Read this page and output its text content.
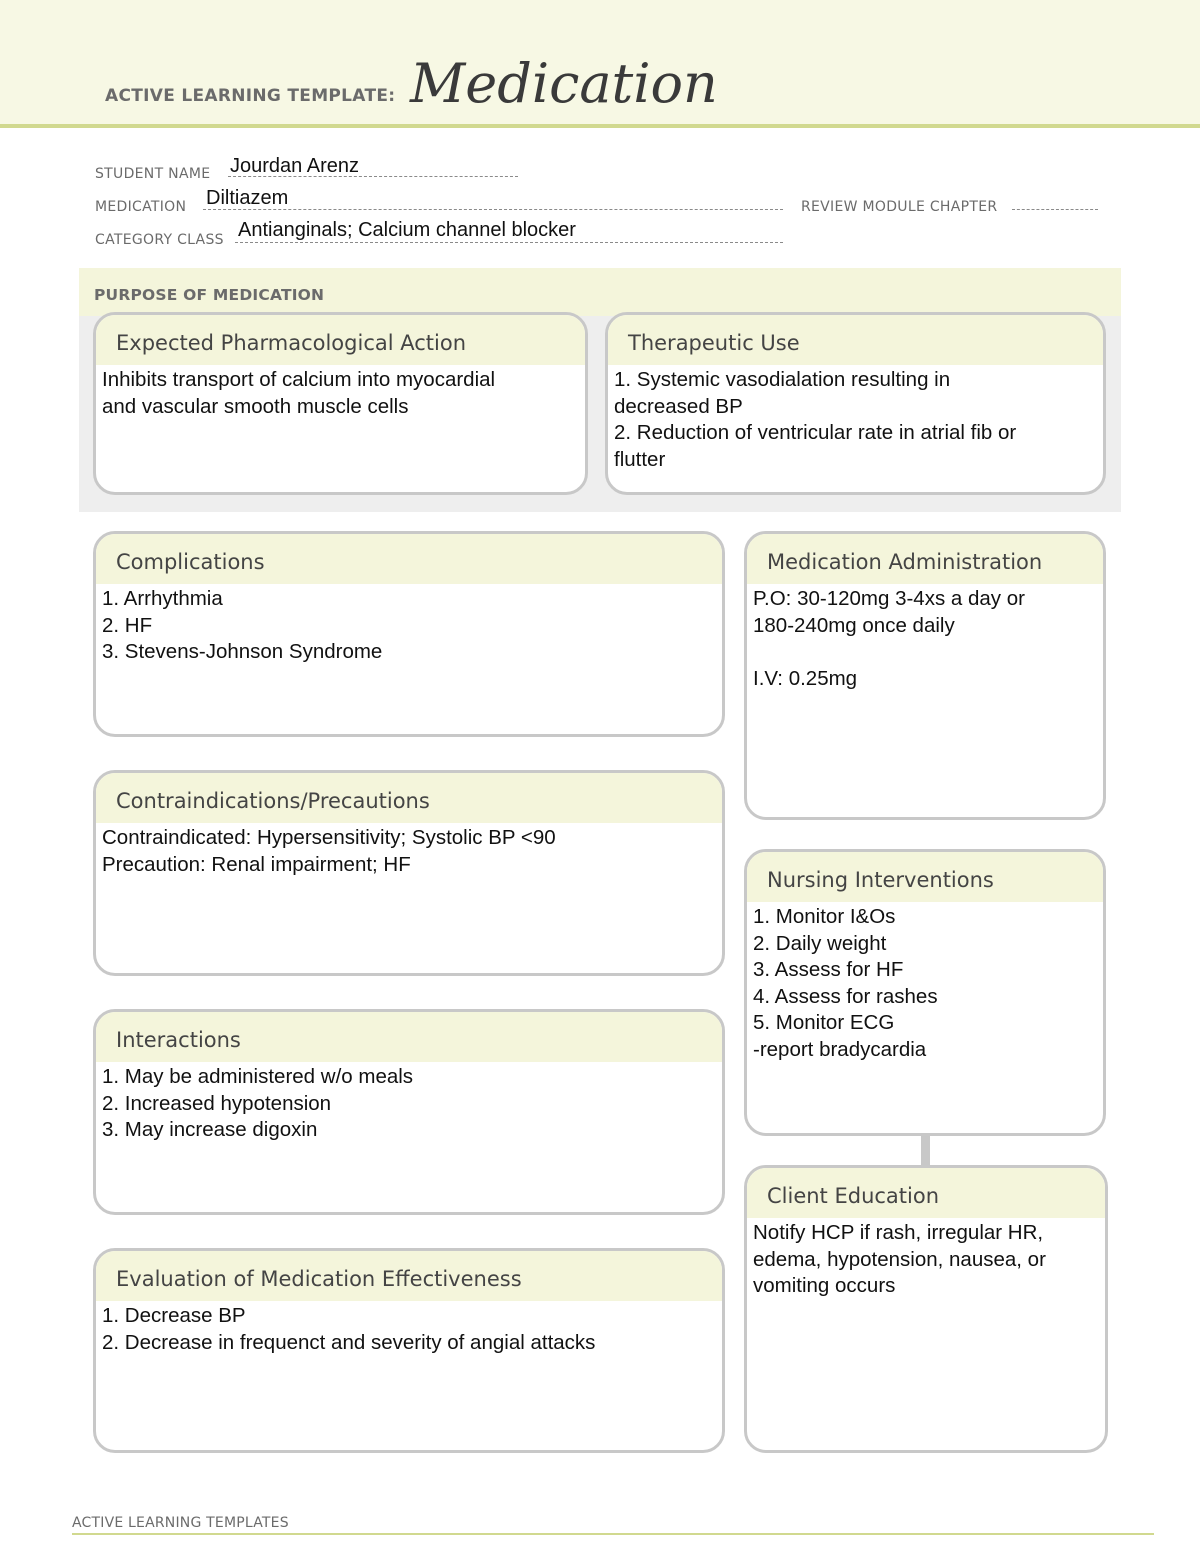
ACTIVE LEARNING TEMPLATE: Medication
STUDENT NAME Jourdan Arenz
MEDICATION Diltiazem	REVIEW MODULE CHAPTER
CATEGORY CLASS Antianginals; Calcium channel blocker
PURPOSE OF MEDICATION
Expected Pharmacological Action
Inhibits transport of calcium into myocardial
and vascular smooth muscle cells
Therapeutic Use
1. Systemic vasodialation resulting in
decreased BP
2. Reduction of ventricular rate in atrial fib or
flutter
Complications
1. Arrhythmia
2. HF
3. Stevens-Johnson Syndrome
Contraindications/Precautions
Contraindicated: Hypersensitivity; Systolic BP <90
Precaution: Renal impairment; HF
Interactions
1. May be administered w/o meals
2. Increased hypotension
3. May increase digoxin
Evaluation of Medication Effectiveness
1. Decrease BP
2. Decrease in frequenct and severity of angial attacks
Medication Administration
P.O: 30-120mg 3-4xs a day or
180-240mg once daily

I.V: 0.25mg
Nursing Interventions
1. Monitor I&Os
2. Daily weight
3. Assess for HF
4. Assess for rashes
5. Monitor ECG
-report bradycardia
Client Education
Notify HCP if rash, irregular HR,
edema, hypotension, nausea, or
vomiting occurs
ACTIVE LEARNING TEMPLATES
